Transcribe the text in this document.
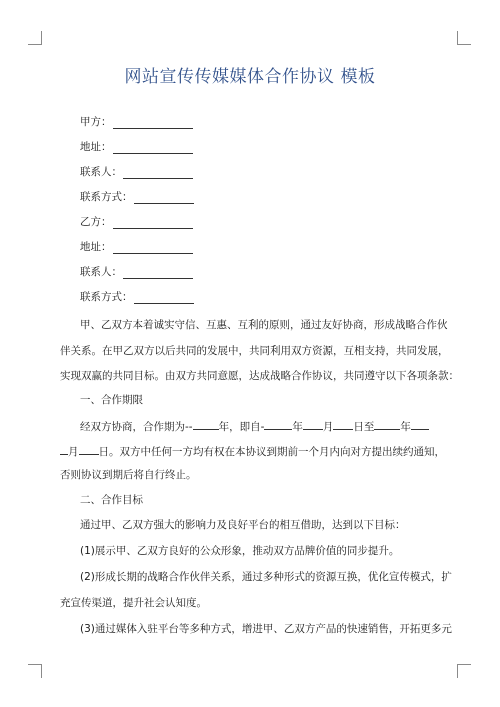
网站宣传传媒媒体合作协议 模板
甲方：
地址：
联系人：
联系方式：
乙方：
地址：
联系人：
联系方式：
甲、乙双方本着诚实守信、互惠、互利的原则，通过友好协商，形成战略合作伙
伴关系。在甲乙双方以后共同的发展中，共同利用双方资源，互相支持，共同发展，
实现双赢的共同目标。由双方共同意愿，达成战略合作协议，共同遵守以下各项条款：
一、合作期限
经双方协商，合作期为-- 年，即自-	年 月 日至 年
月 日。双方中任何一方均有权在本协议到期前一个月内向对方提出续约通知，
否则协议到期后将自行终止。
二、合作目标
通过甲、乙双方强大的影响力及良好平台的相互借助，达到以下目标：
(1)展示甲、乙双方良好的公众形象，推动双方品牌价值的同步提升。
(2)形成长期的战略合作伙伴关系，通过多种形式的资源互换，优化宣传模式，扩
充宣传渠道，提升社会认知度。
(3)通过媒体入驻平台等多种方式，增进甲、乙双方产品的快速销售，开拓更多元
